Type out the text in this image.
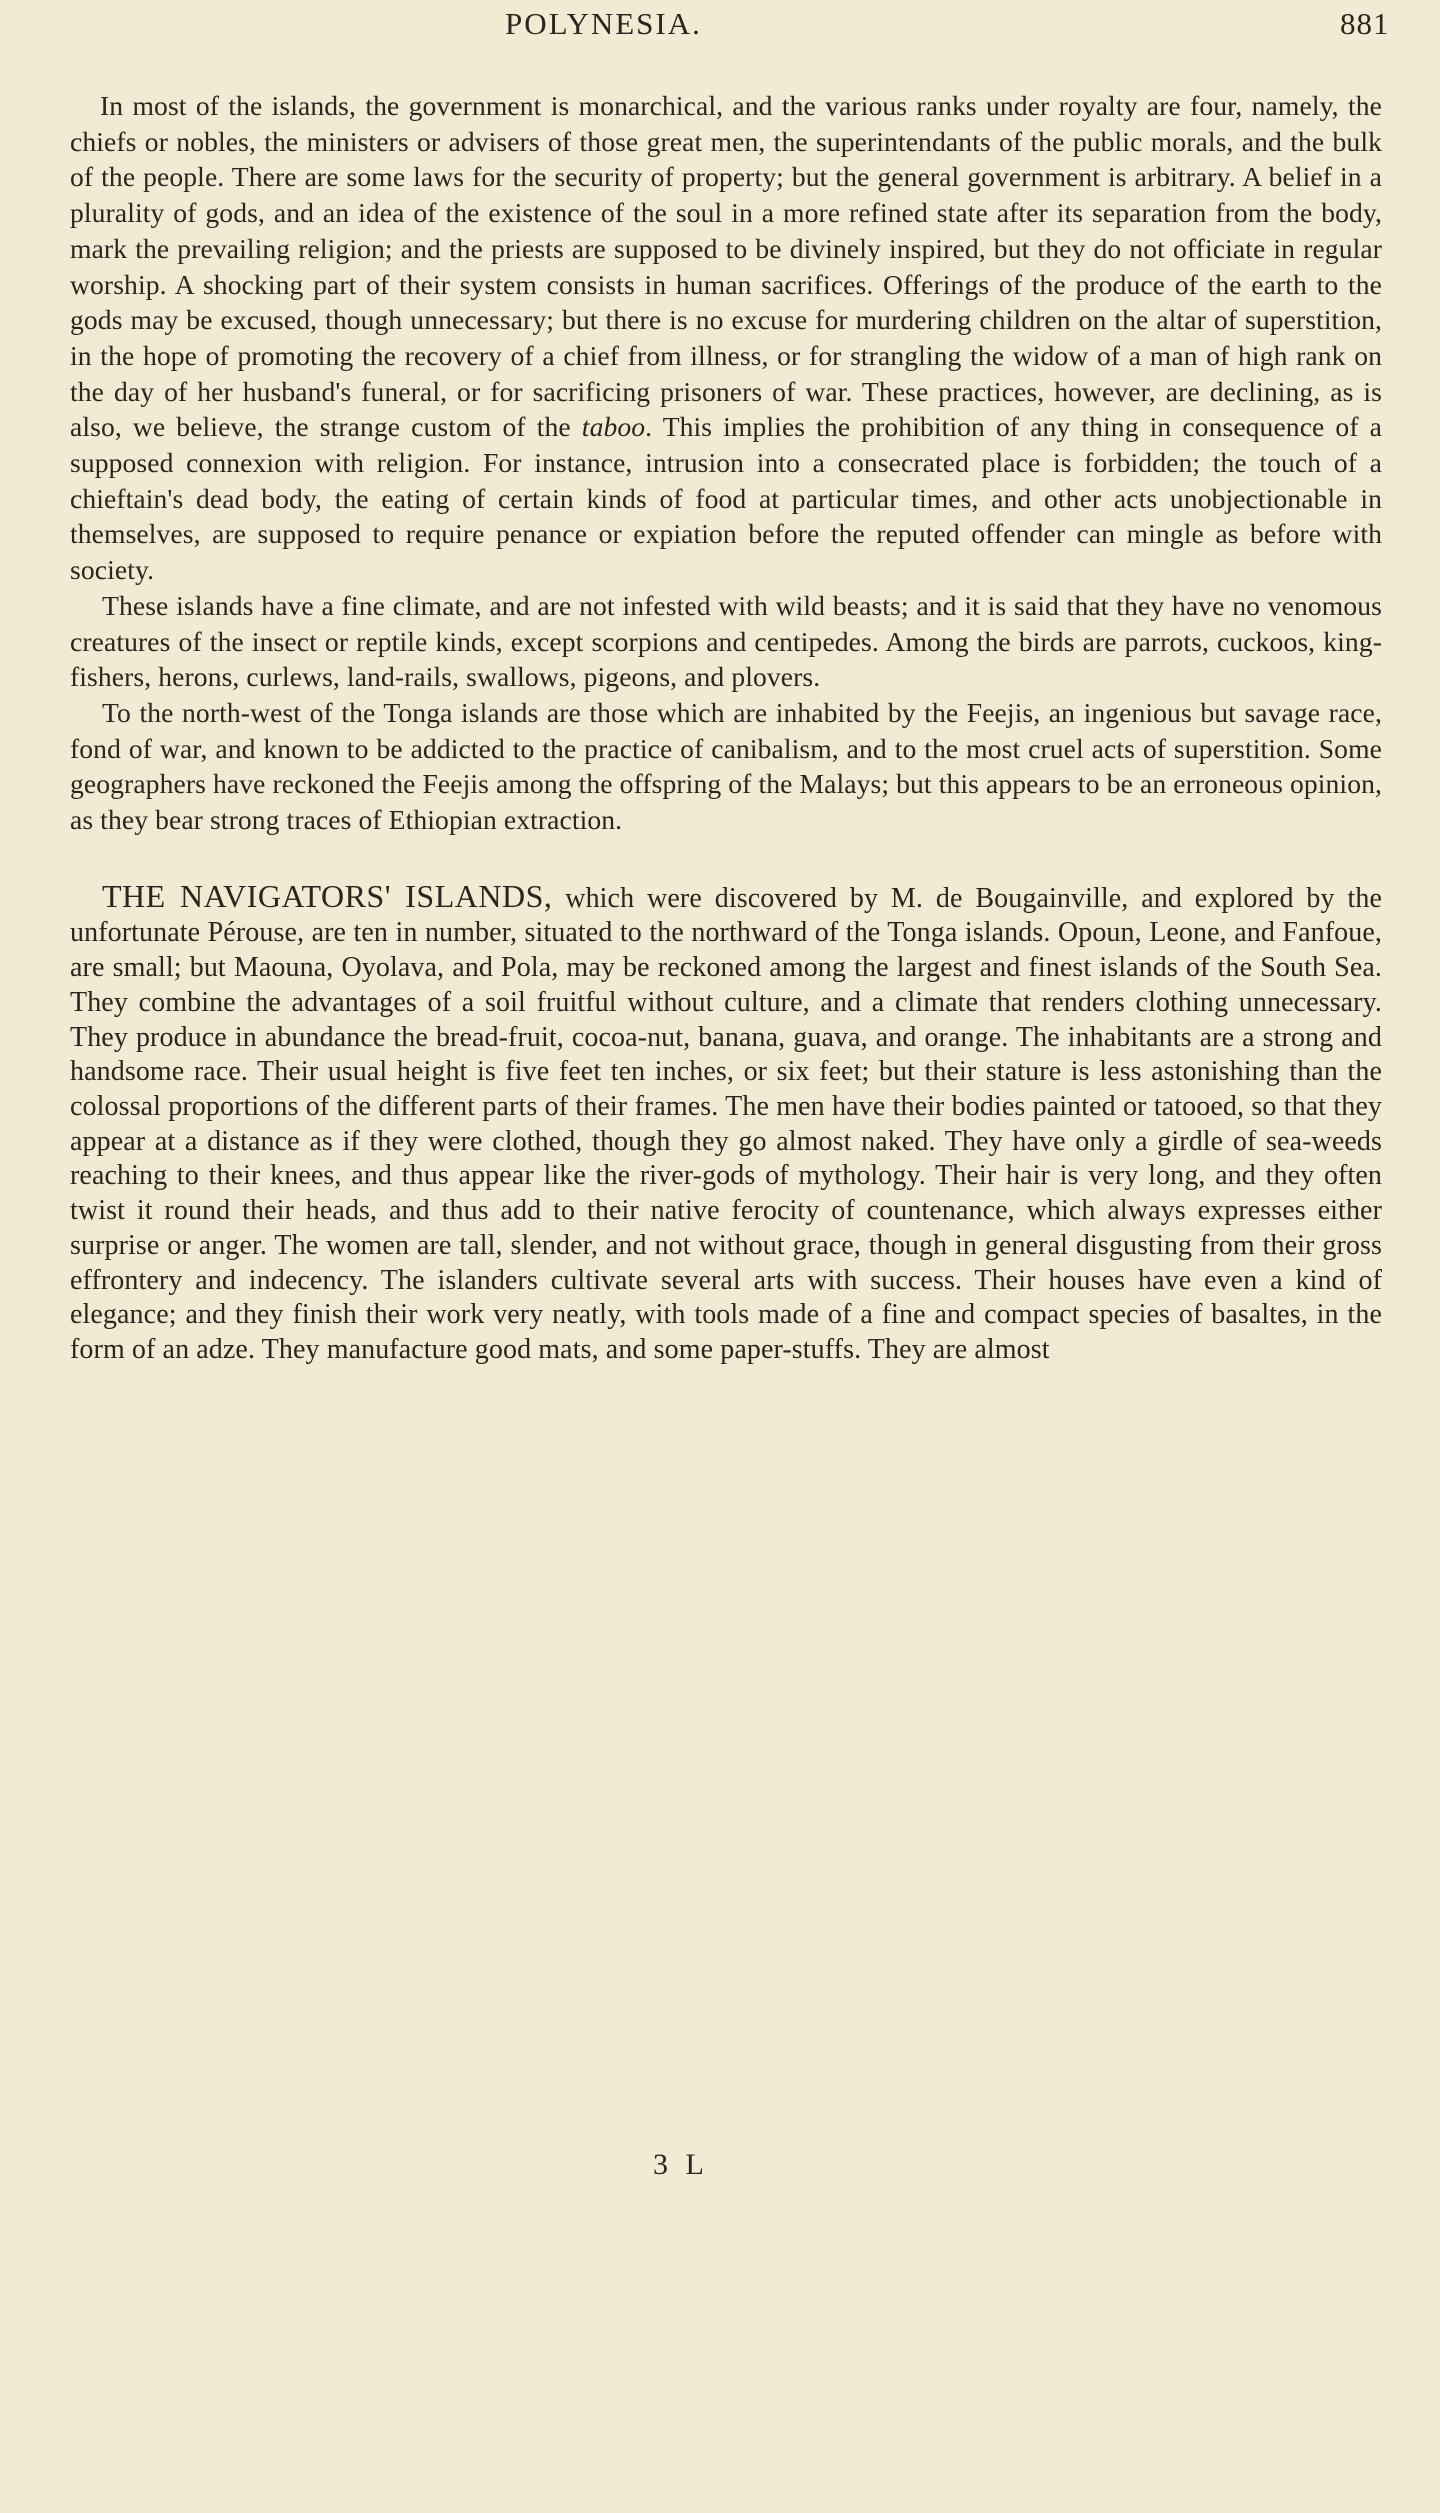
POLYNESIA.	881

In most of the islands, the government is monarchical, and the various ranks under royalty are four, namely, the chiefs or nobles, the ministers or advisers of those great men, the superintendants of the public morals, and the bulk of the people. There are some laws for the security of property; but the general government is arbitrary. A belief in a plurality of gods, and an idea of the existence of the soul in a more refined state after its separation from the body, mark the prevailing religion; and the priests are supposed to be divinely inspired, but they do not officiate in regular worship. A shocking part of their system consists in human sacrifices. Offerings of the produce of the earth to the gods may be excused, though unnecessary; but there is no excuse for murdering children on the altar of superstition, in the hope of promoting the recovery of a chief from illness, or for strangling the widow of a man of high rank on the day of her husband's funeral, or for sacrificing prisoners of war. These practices, however, are declining, as is also, we believe, the strange custom of the taboo. This implies the prohibition of any thing in consequence of a supposed connexion with religion. For instance, intrusion into a consecrated place is forbidden; the touch of a chieftain's dead body, the eating of certain kinds of food at particular times, and other acts unobjectionable in themselves, are supposed to require penance or expiation before the reputed offender can mingle as before with society.

These islands have a fine climate, and are not infested with wild beasts; and it is said that they have no venomous creatures of the insect or reptile kinds, except scorpions and centipedes. Among the birds are parrots, cuckoos, king-fishers, herons, curlews, land-rails, swallows, pigeons, and plovers.

To the north-west of the Tonga islands are those which are inhabited by the Feejis, an ingenious but savage race, fond of war, and known to be addicted to the practice of canibalism, and to the most cruel acts of superstition. Some geographers have reckoned the Feejis among the offspring of the Malays; but this appears to be an erroneous opinion, as they bear strong traces of Ethiopian extraction.

THE NAVIGATORS' ISLANDS, which were discovered by M. de Bougainville, and explored by the unfortunate Pérouse, are ten in number, situated to the northward of the Tonga islands. Opoun, Leone, and Fanfoue, are small; but Maouna, Oyolava, and Pola, may be reckoned among the largest and finest islands of the South Sea. They combine the advantages of a soil fruitful without culture, and a climate that renders clothing unnecessary. They produce in abundance the bread-fruit, cocoa-nut, banana, guava, and orange. The inhabitants are a strong and handsome race. Their usual height is five feet ten inches, or six feet; but their stature is less astonishing than the colossal proportions of the different parts of their frames. The men have their bodies painted or tatooed, so that they appear at a distance as if they were clothed, though they go almost naked. They have only a girdle of sea-weeds reaching to their knees, and thus appear like the river-gods of mythology. Their hair is very long, and they often twist it round their heads, and thus add to their native ferocity of countenance, which always expresses either surprise or anger. The women are tall, slender, and not without grace, though in general disgusting from their gross effrontery and indecency. The islanders cultivate several arts with success. Their houses have even a kind of elegance; and they finish their work very neatly, with tools made of a fine and compact species of basaltes, in the form of an adze. They manufacture good mats, and some paper-stuffs. They are almost

3 L
